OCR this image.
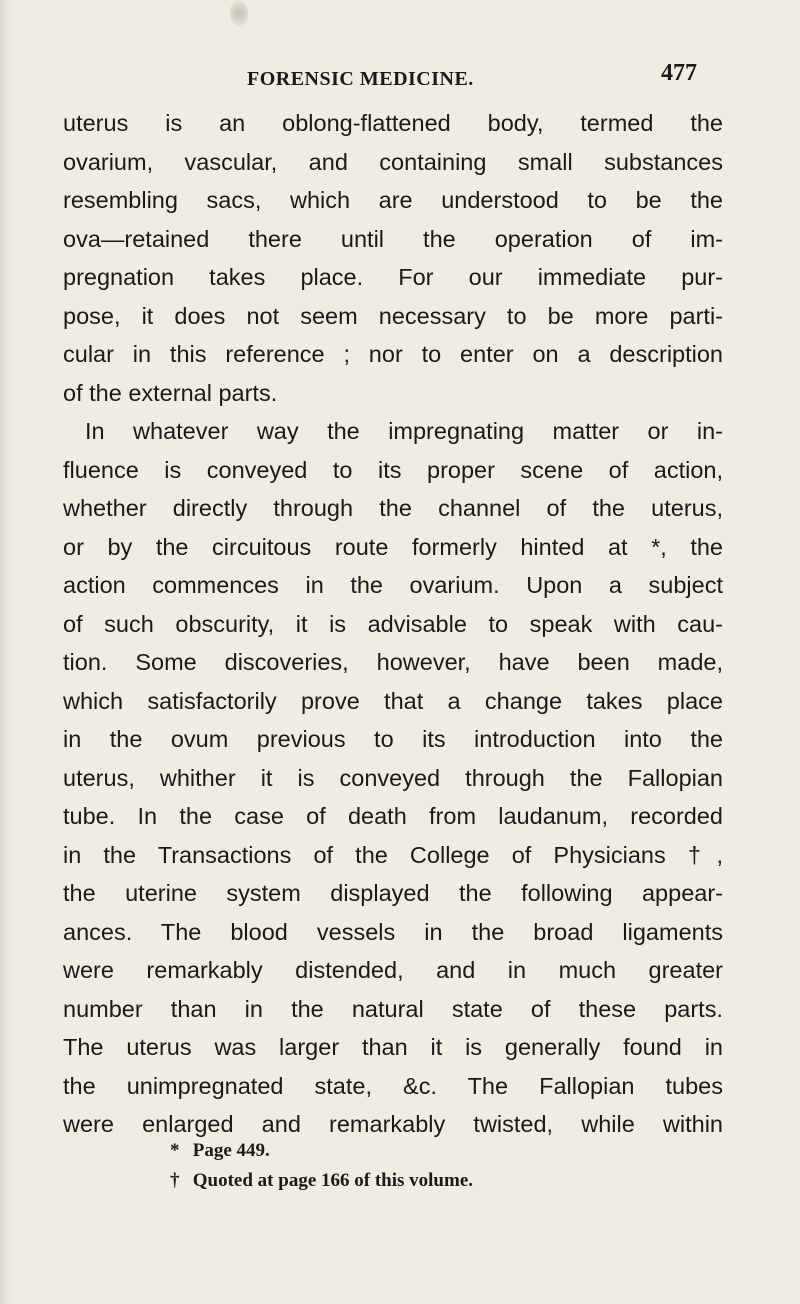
FORENSIC MEDICINE.	477
uterus is an oblong-flattened body, termed the
ovarium, vascular, and containing small substances
resembling sacs, which are understood to be the
ova—retained there until the operation of im-
pregnation takes place. For our immediate pur-
pose, it does not seem necessary to be more parti-
cular in this reference ; nor to enter on a description
of the external parts.
In whatever way the impregnating matter or in-
fluence is conveyed to its proper scene of action,
whether directly through the channel of the uterus,
or by the circuitous route formerly hinted at *, the
action commences in the ovarium. Upon a subject
of such obscurity, it is advisable to speak with cau-
tion. Some discoveries, however, have been made,
which satisfactorily prove that a change takes place
in the ovum previous to its introduction into the
uterus, whither it is conveyed through the Fallopian
tube. In the case of death from laudanum, recorded
in the Transactions of the College of Physicians †,
the uterine system displayed the following appear-
ances. The blood vessels in the broad ligaments
were remarkably distended, and in much greater
number than in the natural state of these parts.
The uterus was larger than it is generally found in
the unimpregnated state, &c. The Fallopian tubes
were enlarged and remarkably twisted, while within
* Page 449.
† Quoted at page 166 of this volume.
